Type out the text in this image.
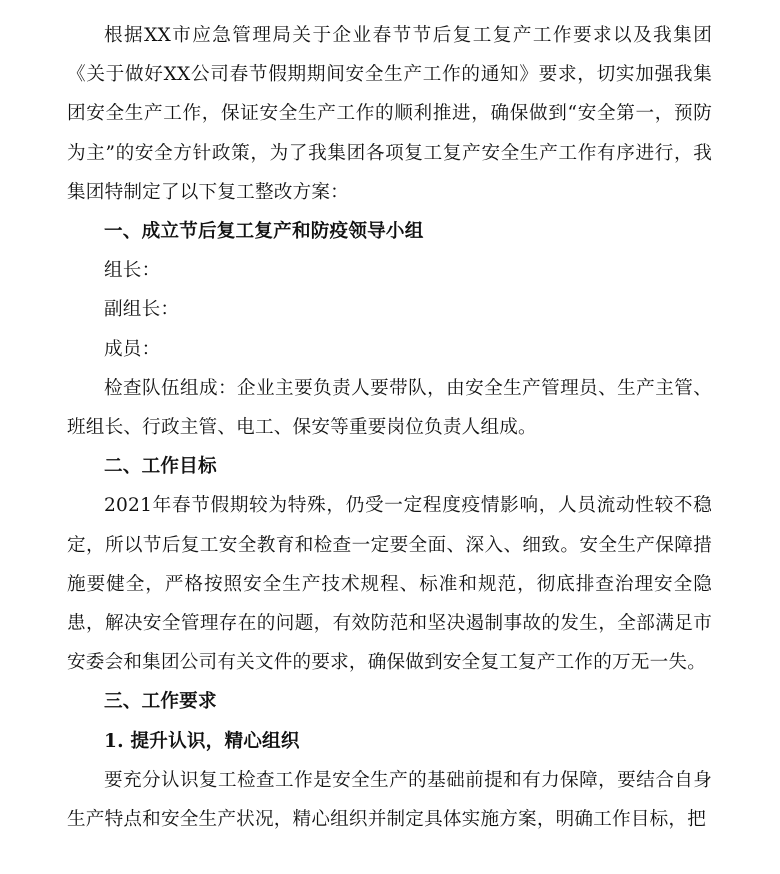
根据XX市应急管理局关于企业春节节后复工复产工作要求以及我集团《关于做好XX公司春节假期期间安全生产工作的通知》要求，切实加强我集团安全生产工作，保证安全生产工作的顺利推进，确保做到“安全第一，预防为主”的安全方针政策，为了我集团各项复工复产安全生产工作有序进行，我集团特制定了以下复工整改方案：

一、成立节后复工复产和防疫领导小组

组长：

副组长：

成员：

检查队伍组成：企业主要负责人要带队，由安全生产管理员、生产主管、班组长、行政主管、电工、保安等重要岗位负责人组成。

二、工作目标

2021年春节假期较为特殊，仍受一定程度疫情影响，人员流动性较不稳定，所以节后复工安全教育和检查一定要全面、深入、细致。安全生产保障措施要健全，严格按照安全生产技术规程、标准和规范，彻底排查治理安全隐患，解决安全管理存在的问题，有效防范和坚决遏制事故的发生，全部满足市安委会和集团公司有关文件的要求，确保做到安全复工复产工作的万无一失。

三、工作要求

1. 提升认识，精心组织

要充分认识复工检查工作是安全生产的基础前提和有力保障，要结合自身生产特点和安全生产状况，精心组织并制定具体实施方案，明确工作目标，把
